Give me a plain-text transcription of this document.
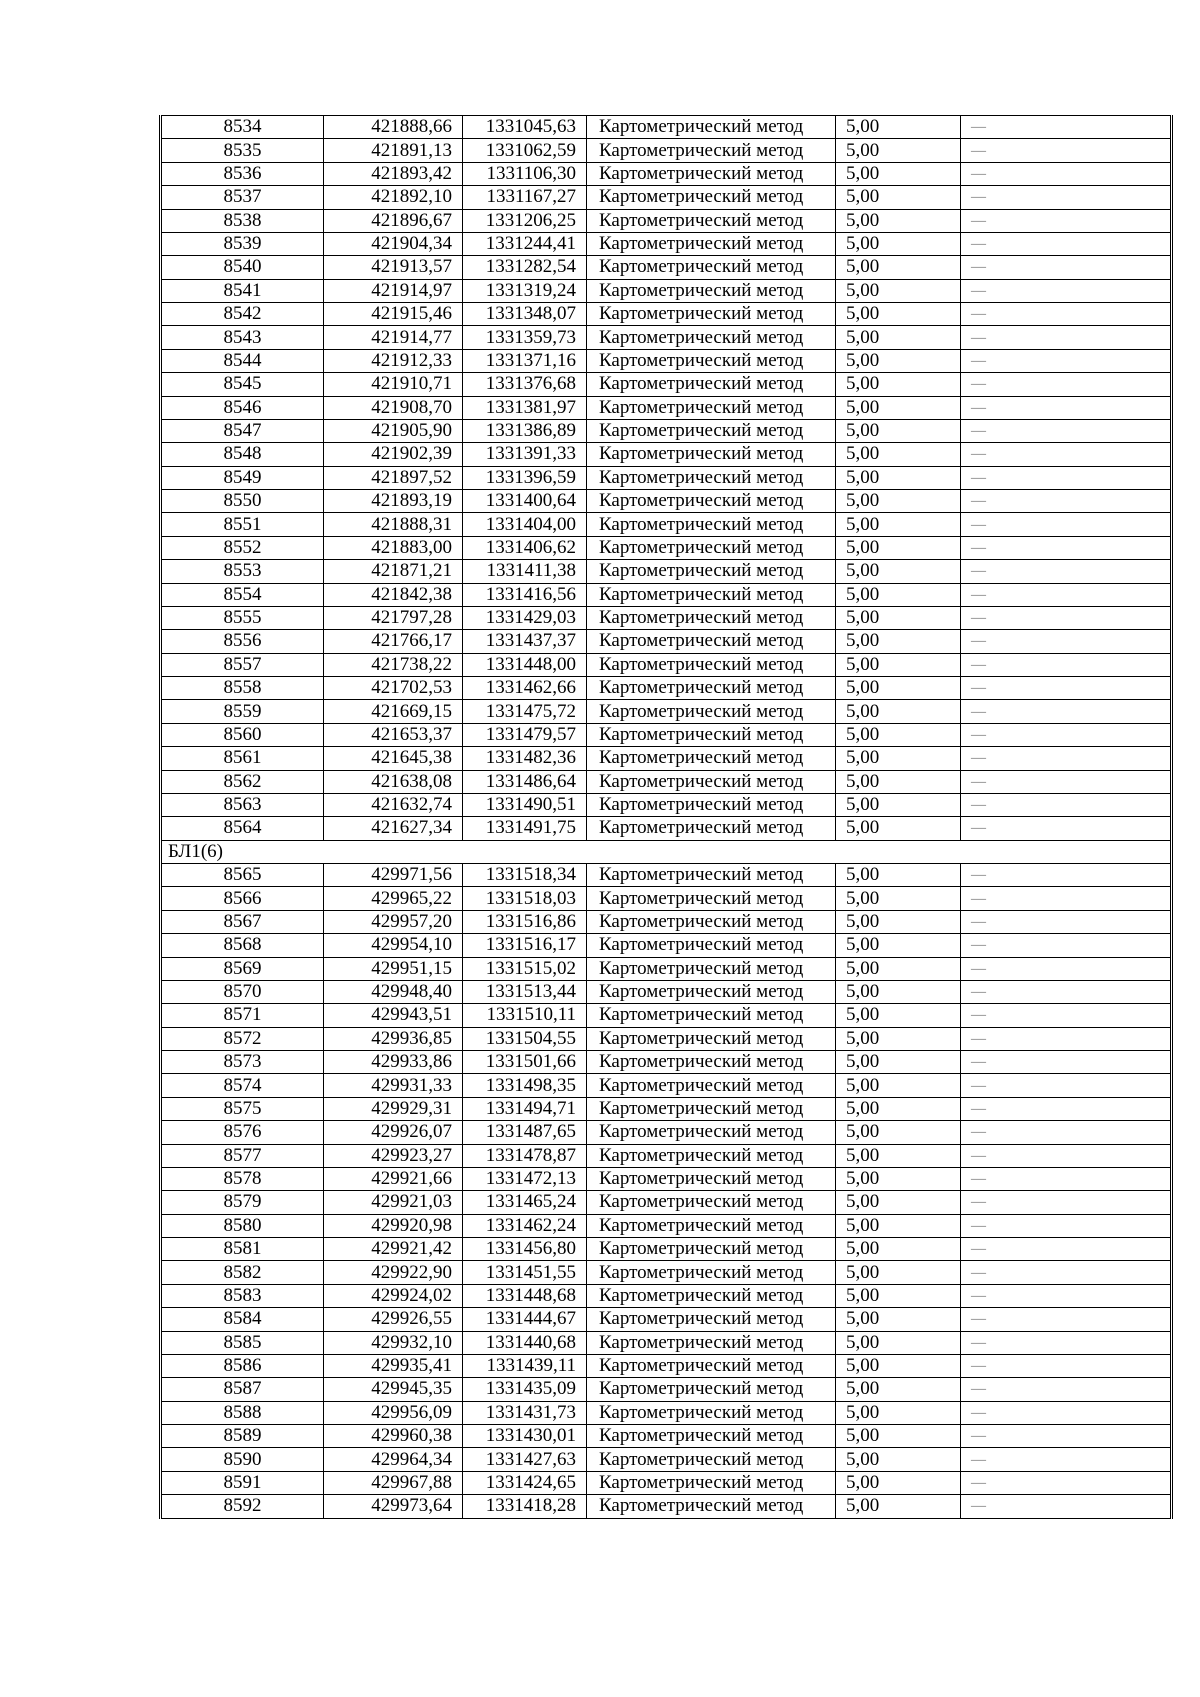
8534	421888,66	1331045,63	Картометрический метод	5,00	—
8535	421891,13	1331062,59	Картометрический метод	5,00	—
8536	421893,42	1331106,30	Картометрический метод	5,00	—
8537	421892,10	1331167,27	Картометрический метод	5,00	—
8538	421896,67	1331206,25	Картометрический метод	5,00	—
8539	421904,34	1331244,41	Картометрический метод	5,00	—
8540	421913,57	1331282,54	Картометрический метод	5,00	—
8541	421914,97	1331319,24	Картометрический метод	5,00	—
8542	421915,46	1331348,07	Картометрический метод	5,00	—
8543	421914,77	1331359,73	Картометрический метод	5,00	—
8544	421912,33	1331371,16	Картометрический метод	5,00	—
8545	421910,71	1331376,68	Картометрический метод	5,00	—
8546	421908,70	1331381,97	Картометрический метод	5,00	—
8547	421905,90	1331386,89	Картометрический метод	5,00	—
8548	421902,39	1331391,33	Картометрический метод	5,00	—
8549	421897,52	1331396,59	Картометрический метод	5,00	—
8550	421893,19	1331400,64	Картометрический метод	5,00	—
8551	421888,31	1331404,00	Картометрический метод	5,00	—
8552	421883,00	1331406,62	Картометрический метод	5,00	—
8553	421871,21	1331411,38	Картометрический метод	5,00	—
8554	421842,38	1331416,56	Картометрический метод	5,00	—
8555	421797,28	1331429,03	Картометрический метод	5,00	—
8556	421766,17	1331437,37	Картометрический метод	5,00	—
8557	421738,22	1331448,00	Картометрический метод	5,00	—
8558	421702,53	1331462,66	Картометрический метод	5,00	—
8559	421669,15	1331475,72	Картометрический метод	5,00	—
8560	421653,37	1331479,57	Картометрический метод	5,00	—
8561	421645,38	1331482,36	Картометрический метод	5,00	—
8562	421638,08	1331486,64	Картометрический метод	5,00	—
8563	421632,74	1331490,51	Картометрический метод	5,00	—
8564	421627,34	1331491,75	Картометрический метод	5,00	—
БЛ1(6)					
8565	429971,56	1331518,34	Картометрический метод	5,00	—
8566	429965,22	1331518,03	Картометрический метод	5,00	—
8567	429957,20	1331516,86	Картометрический метод	5,00	—
8568	429954,10	1331516,17	Картометрический метод	5,00	—
8569	429951,15	1331515,02	Картометрический метод	5,00	—
8570	429948,40	1331513,44	Картометрический метод	5,00	—
8571	429943,51	1331510,11	Картометрический метод	5,00	—
8572	429936,85	1331504,55	Картометрический метод	5,00	—
8573	429933,86	1331501,66	Картометрический метод	5,00	—
8574	429931,33	1331498,35	Картометрический метод	5,00	—
8575	429929,31	1331494,71	Картометрический метод	5,00	—
8576	429926,07	1331487,65	Картометрический метод	5,00	—
8577	429923,27	1331478,87	Картометрический метод	5,00	—
8578	429921,66	1331472,13	Картометрический метод	5,00	—
8579	429921,03	1331465,24	Картометрический метод	5,00	—
8580	429920,98	1331462,24	Картометрический метод	5,00	—
8581	429921,42	1331456,80	Картометрический метод	5,00	—
8582	429922,90	1331451,55	Картометрический метод	5,00	—
8583	429924,02	1331448,68	Картометрический метод	5,00	—
8584	429926,55	1331444,67	Картометрический метод	5,00	—
8585	429932,10	1331440,68	Картометрический метод	5,00	—
8586	429935,41	1331439,11	Картометрический метод	5,00	—
8587	429945,35	1331435,09	Картометрический метод	5,00	—
8588	429956,09	1331431,73	Картометрический метод	5,00	—
8589	429960,38	1331430,01	Картометрический метод	5,00	—
8590	429964,34	1331427,63	Картометрический метод	5,00	—
8591	429967,88	1331424,65	Картометрический метод	5,00	—
8592	429973,64	1331418,28	Картометрический метод	5,00	—
